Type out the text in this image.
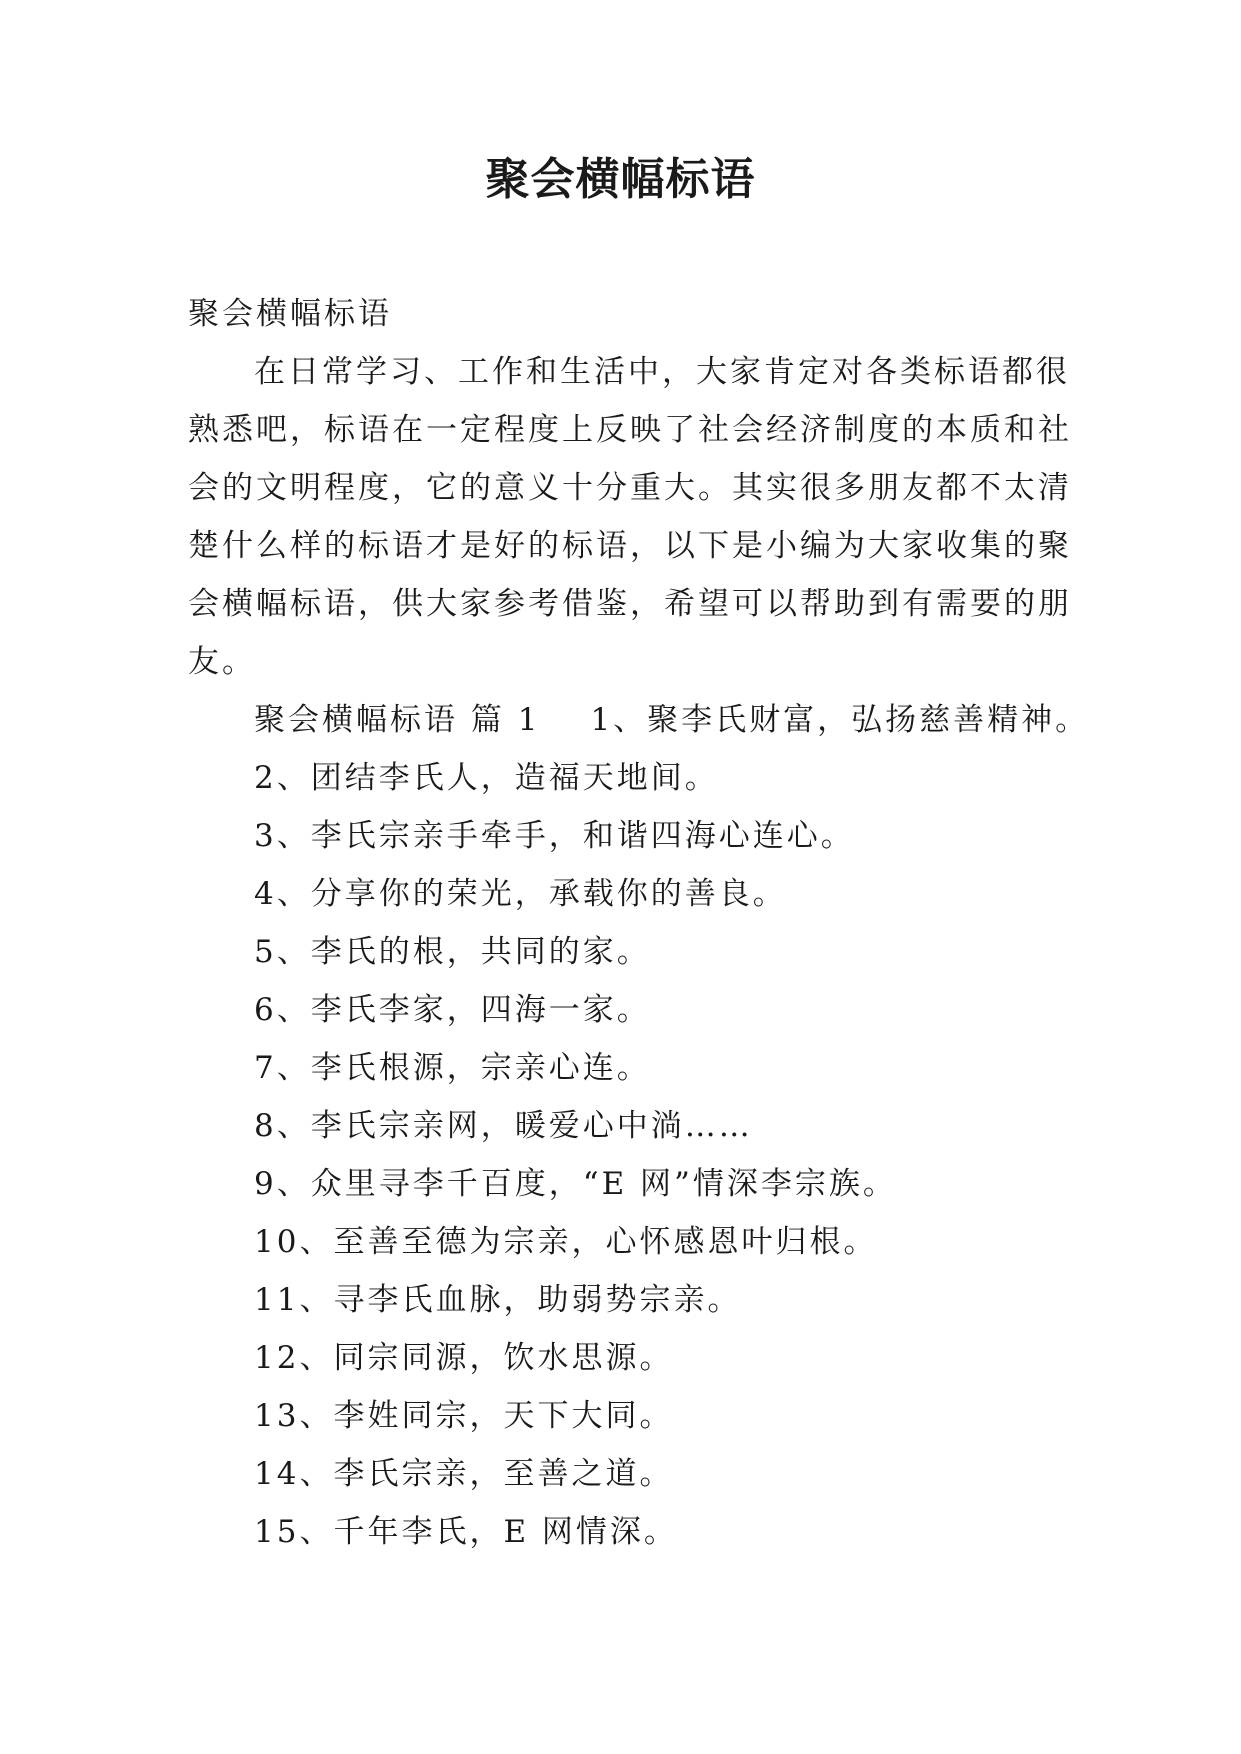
聚会横幅标语
聚会横幅标语
在日常学习、工作和生活中，大家肯定对各类标语都很
熟悉吧，标语在一定程度上反映了社会经济制度的本质和社
会的文明程度，它的意义十分重大。其实很多朋友都不太清
楚什么样的标语才是好的标语，以下是小编为大家收集的聚
会横幅标语，供大家参考借鉴，希望可以帮助到有需要的朋
友。
聚会横幅标语 篇 1 1、聚李氏财富，弘扬慈善精神。
2、团结李氏人，造福天地间。
3、李氏宗亲手牵手，和谐四海心连心。
4、分享你的荣光，承载你的善良。
5、李氏的根，共同的家。
6、李氏李家，四海一家。
7、李氏根源，宗亲心连。
8、李氏宗亲网，暖爱心中淌……
9、众里寻李千百度，“E 网”情深李宗族。
10、至善至德为宗亲，心怀感恩叶归根。
11、寻李氏血脉，助弱势宗亲。
12、同宗同源，饮水思源。
13、李姓同宗，天下大同。
14、李氏宗亲，至善之道。
15、千年李氏，E 网情深。
